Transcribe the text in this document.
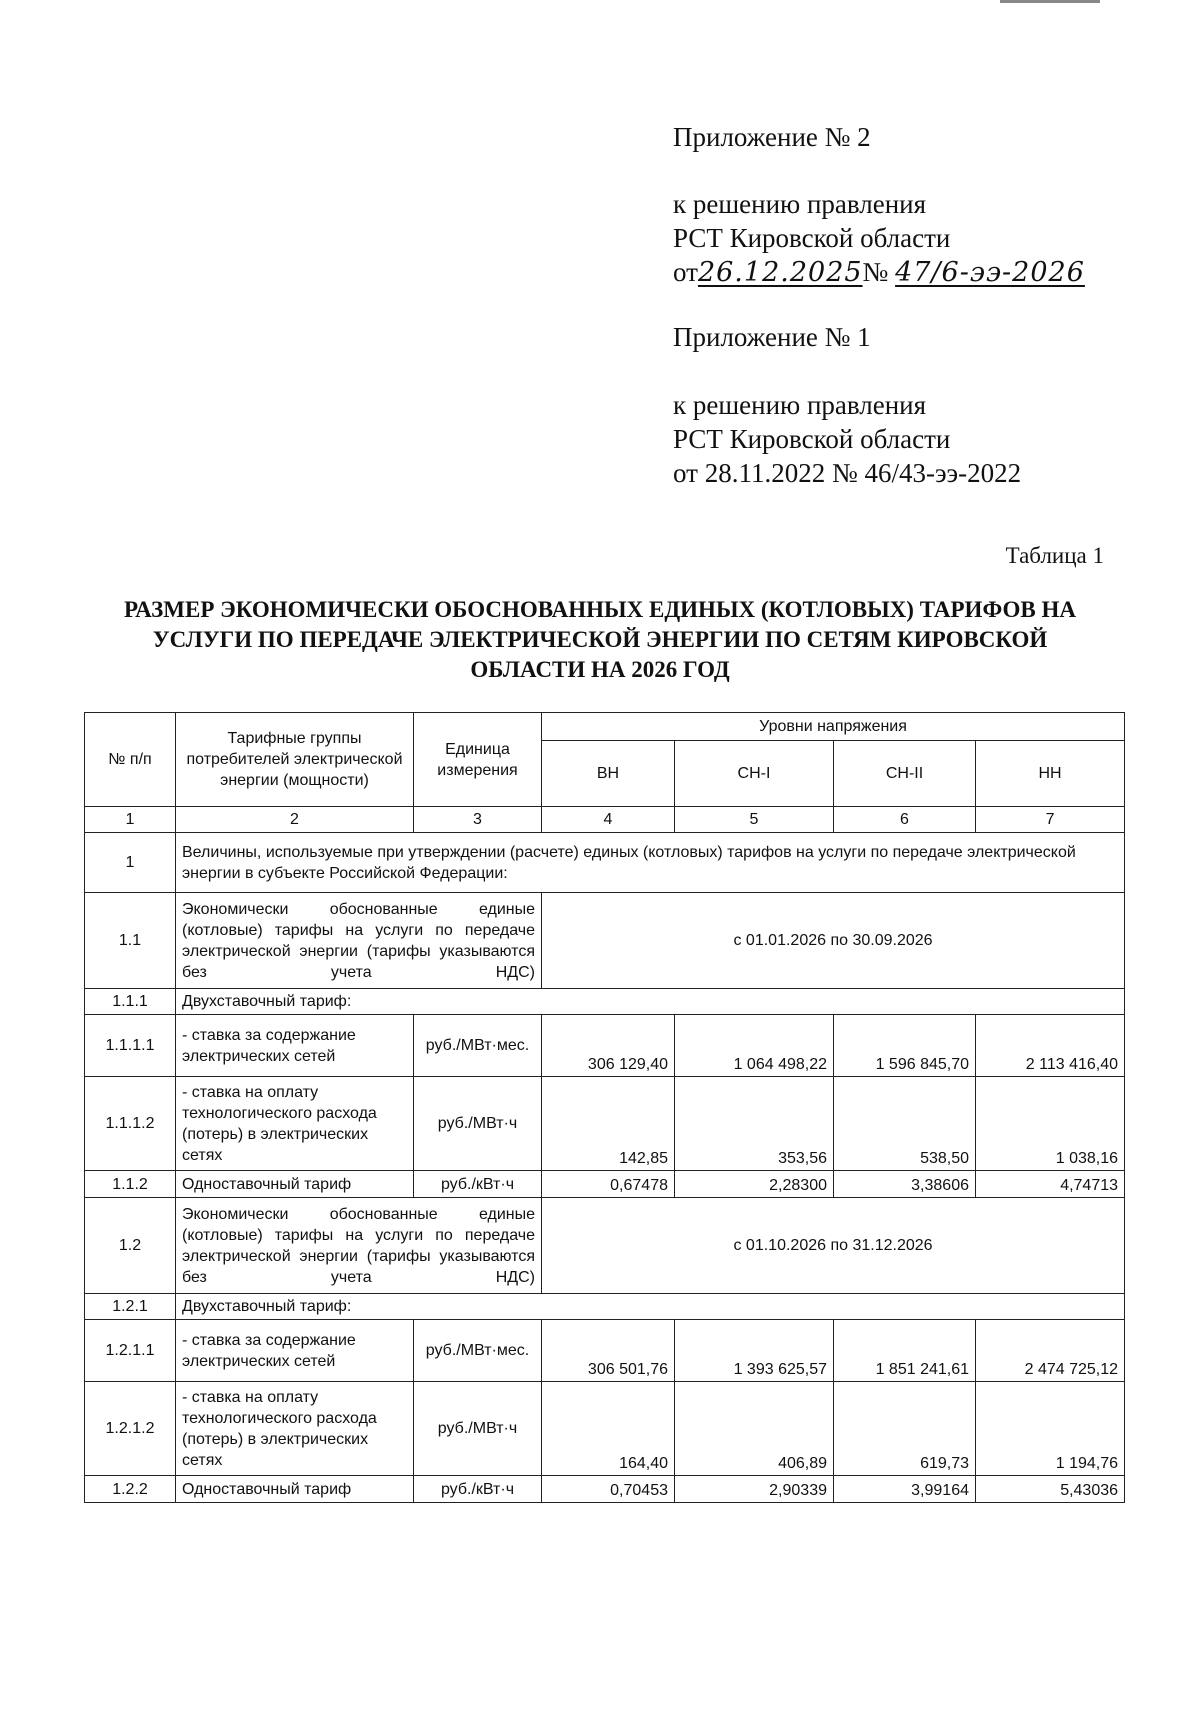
Приложение № 2
к решению правления
РСТ Кировской области
от26.12.2025№ 47/6-ээ-2026
Приложение № 1
к решению правления
РСТ Кировской области
от 28.11.2022 № 46/43-ээ-2022
Таблица 1
РАЗМЕР ЭКОНОМИЧЕСКИ ОБОСНОВАННЫХ ЕДИНЫХ (КОТЛОВЫХ) ТАРИФОВ НА
УСЛУГИ ПО ПЕРЕДАЧЕ ЭЛЕКТРИЧЕСКОЙ ЭНЕРГИИ ПО СЕТЯМ КИРОВСКОЙ
ОБЛАСТИ НА 2026 ГОД
№ п/п	Тарифные группы потребителей электрической энергии (мощности)	Единица измерения	Уровни напряжения			
			ВН	СН-I	СН-II	НН
1	2	3	4	5	6	7
1	Величины, используемые при утверждении (расчете) единых (котловых) тарифов на услуги по передаче электрической энергии в субъекте Российской Федерации:					
1.1	Экономически обоснованные единые (котловые) тарифы на услуги по передаче электрической энергии (тарифы указываются без учета НДС)		с 01.01.2026 по 30.09.2026			
1.1.1	Двухставочный тариф:					
1.1.1.1	- ставка за содержание электрических сетей	руб./МВт·мес.	306 129,40	1 064 498,22	1 596 845,70	2 113 416,40
1.1.1.2	- ставка на оплату технологического расхода (потерь) в электрических сетях	руб./МВт·ч	142,85	353,56	538,50	1 038,16
1.1.2	Одноставочный тариф	руб./кВт·ч	0,67478	2,28300	3,38606	4,74713
1.2	Экономически обоснованные единые (котловые) тарифы на услуги по передаче электрической энергии (тарифы указываются без учета НДС)		с 01.10.2026 по 31.12.2026			
1.2.1	Двухставочный тариф:					
1.2.1.1	- ставка за содержание электрических сетей	руб./МВт·мес.	306 501,76	1 393 625,57	1 851 241,61	2 474 725,12
1.2.1.2	- ставка на оплату технологического расхода (потерь) в электрических сетях	руб./МВт·ч	164,40	406,89	619,73	1 194,76
1.2.2	Одноставочный тариф	руб./кВт·ч	0,70453	2,90339	3,99164	5,43036
